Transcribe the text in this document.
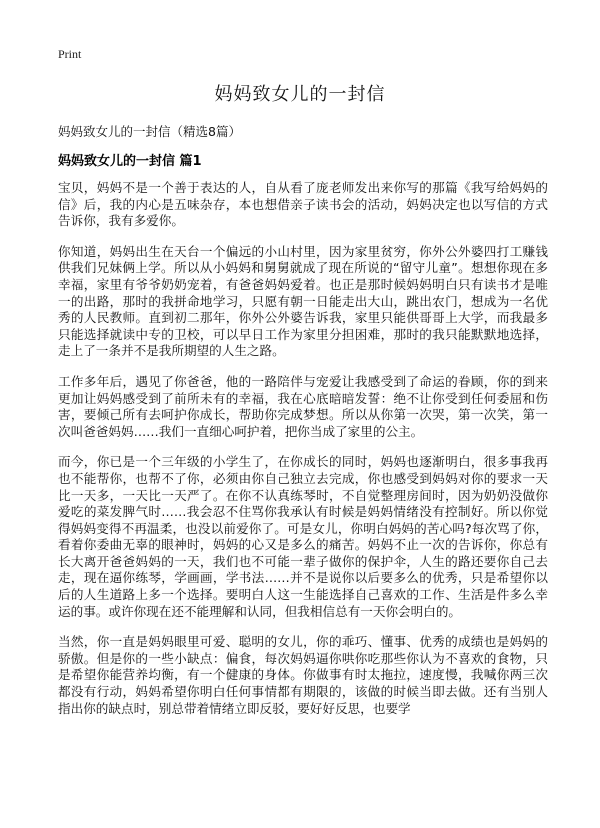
Print
妈妈致女儿的一封信
妈妈致女儿的一封信（精选8篇）
妈妈致女儿的一封信 篇1

宝贝，妈妈不是一个善于表达的人，自从看了庞老师发出来你写的那篇《我写给妈妈的信》后，我的内心是五味杂存，本也想借亲子读书会的活动，妈妈决定也以写信的方式告诉你，我有多爱你。

你知道，妈妈出生在天台一个偏远的小山村里，因为家里贫穷，你外公外婆四打工赚钱供我们兄妹俩上学。所以从小妈妈和舅舅就成了现在所说的“留守儿童”。想想你现在多幸福，家里有爷爷奶奶宠着，有爸爸妈妈爱着。也正是那时候妈妈明白只有读书才是唯一的出路，那时的我拼命地学习，只愿有朝一日能走出大山，跳出农门，想成为一名优秀的人民教师。直到初二那年，你外公外婆告诉我，家里只能供哥哥上大学，而我最多只能选择就读中专的卫校，可以早日工作为家里分担困难，那时的我只能默默地选择，走上了一条并不是我所期望的人生之路。

工作多年后，遇见了你爸爸，他的一路陪伴与宠爱让我感受到了命运的眷顾，你的到来更加让妈妈感受到了前所未有的幸福，我在心底暗暗发誓：绝不让你受到任何委屈和伤害，要倾己所有去呵护你成长，帮助你完成梦想。所以从你第一次哭，第一次笑，第一次叫爸爸妈妈……我们一直细心呵护着，把你当成了家里的公主。

而今，你已是一个三年级的小学生了，在你成长的同时，妈妈也逐渐明白，很多事我再也不能帮你，也帮不了你，必须由你自己独立去完成，你也感受到妈妈对你的要求一天比一天多，一天比一天严了。在你不认真练琴时，不自觉整理房间时，因为奶奶没做你爱吃的菜发脾气时……我会忍不住骂你我承认有时候是妈妈情绪没有控制好。所以你觉得妈妈变得不再温柔，也没以前爱你了。可是女儿，你明白妈妈的苦心吗?每次骂了你，看着你委曲无辜的眼神时，妈妈的心又是多么的痛苦。妈妈不止一次的告诉你，你总有长大离开爸爸妈妈的一天，我们也不可能一辈子做你的保护伞，人生的路还要你自己去走，现在逼你练琴，学画画，学书法……并不是说你以后要多么的优秀，只是希望你以后的人生道路上多一个选择。要明白人这一生能选择自己喜欢的工作、生活是件多么幸运的事。或许你现在还不能理解和认同，但我相信总有一天你会明白的。

当然，你一直是妈妈眼里可爱、聪明的女儿，你的乖巧、懂事、优秀的成绩也是妈妈的骄傲。但是你的一些小缺点：偏食，每次妈妈逼你哄你吃那些你认为不喜欢的食物，只是希望你能营养均衡，有一个健康的身体。你做事有时太拖拉，速度慢，我喊你两三次都没有行动，妈妈希望你明白任何事情都有期限的，该做的时候当即去做。还有当别人指出你的缺点时，别总带着情绪立即反驳，要好好反思，也要学
